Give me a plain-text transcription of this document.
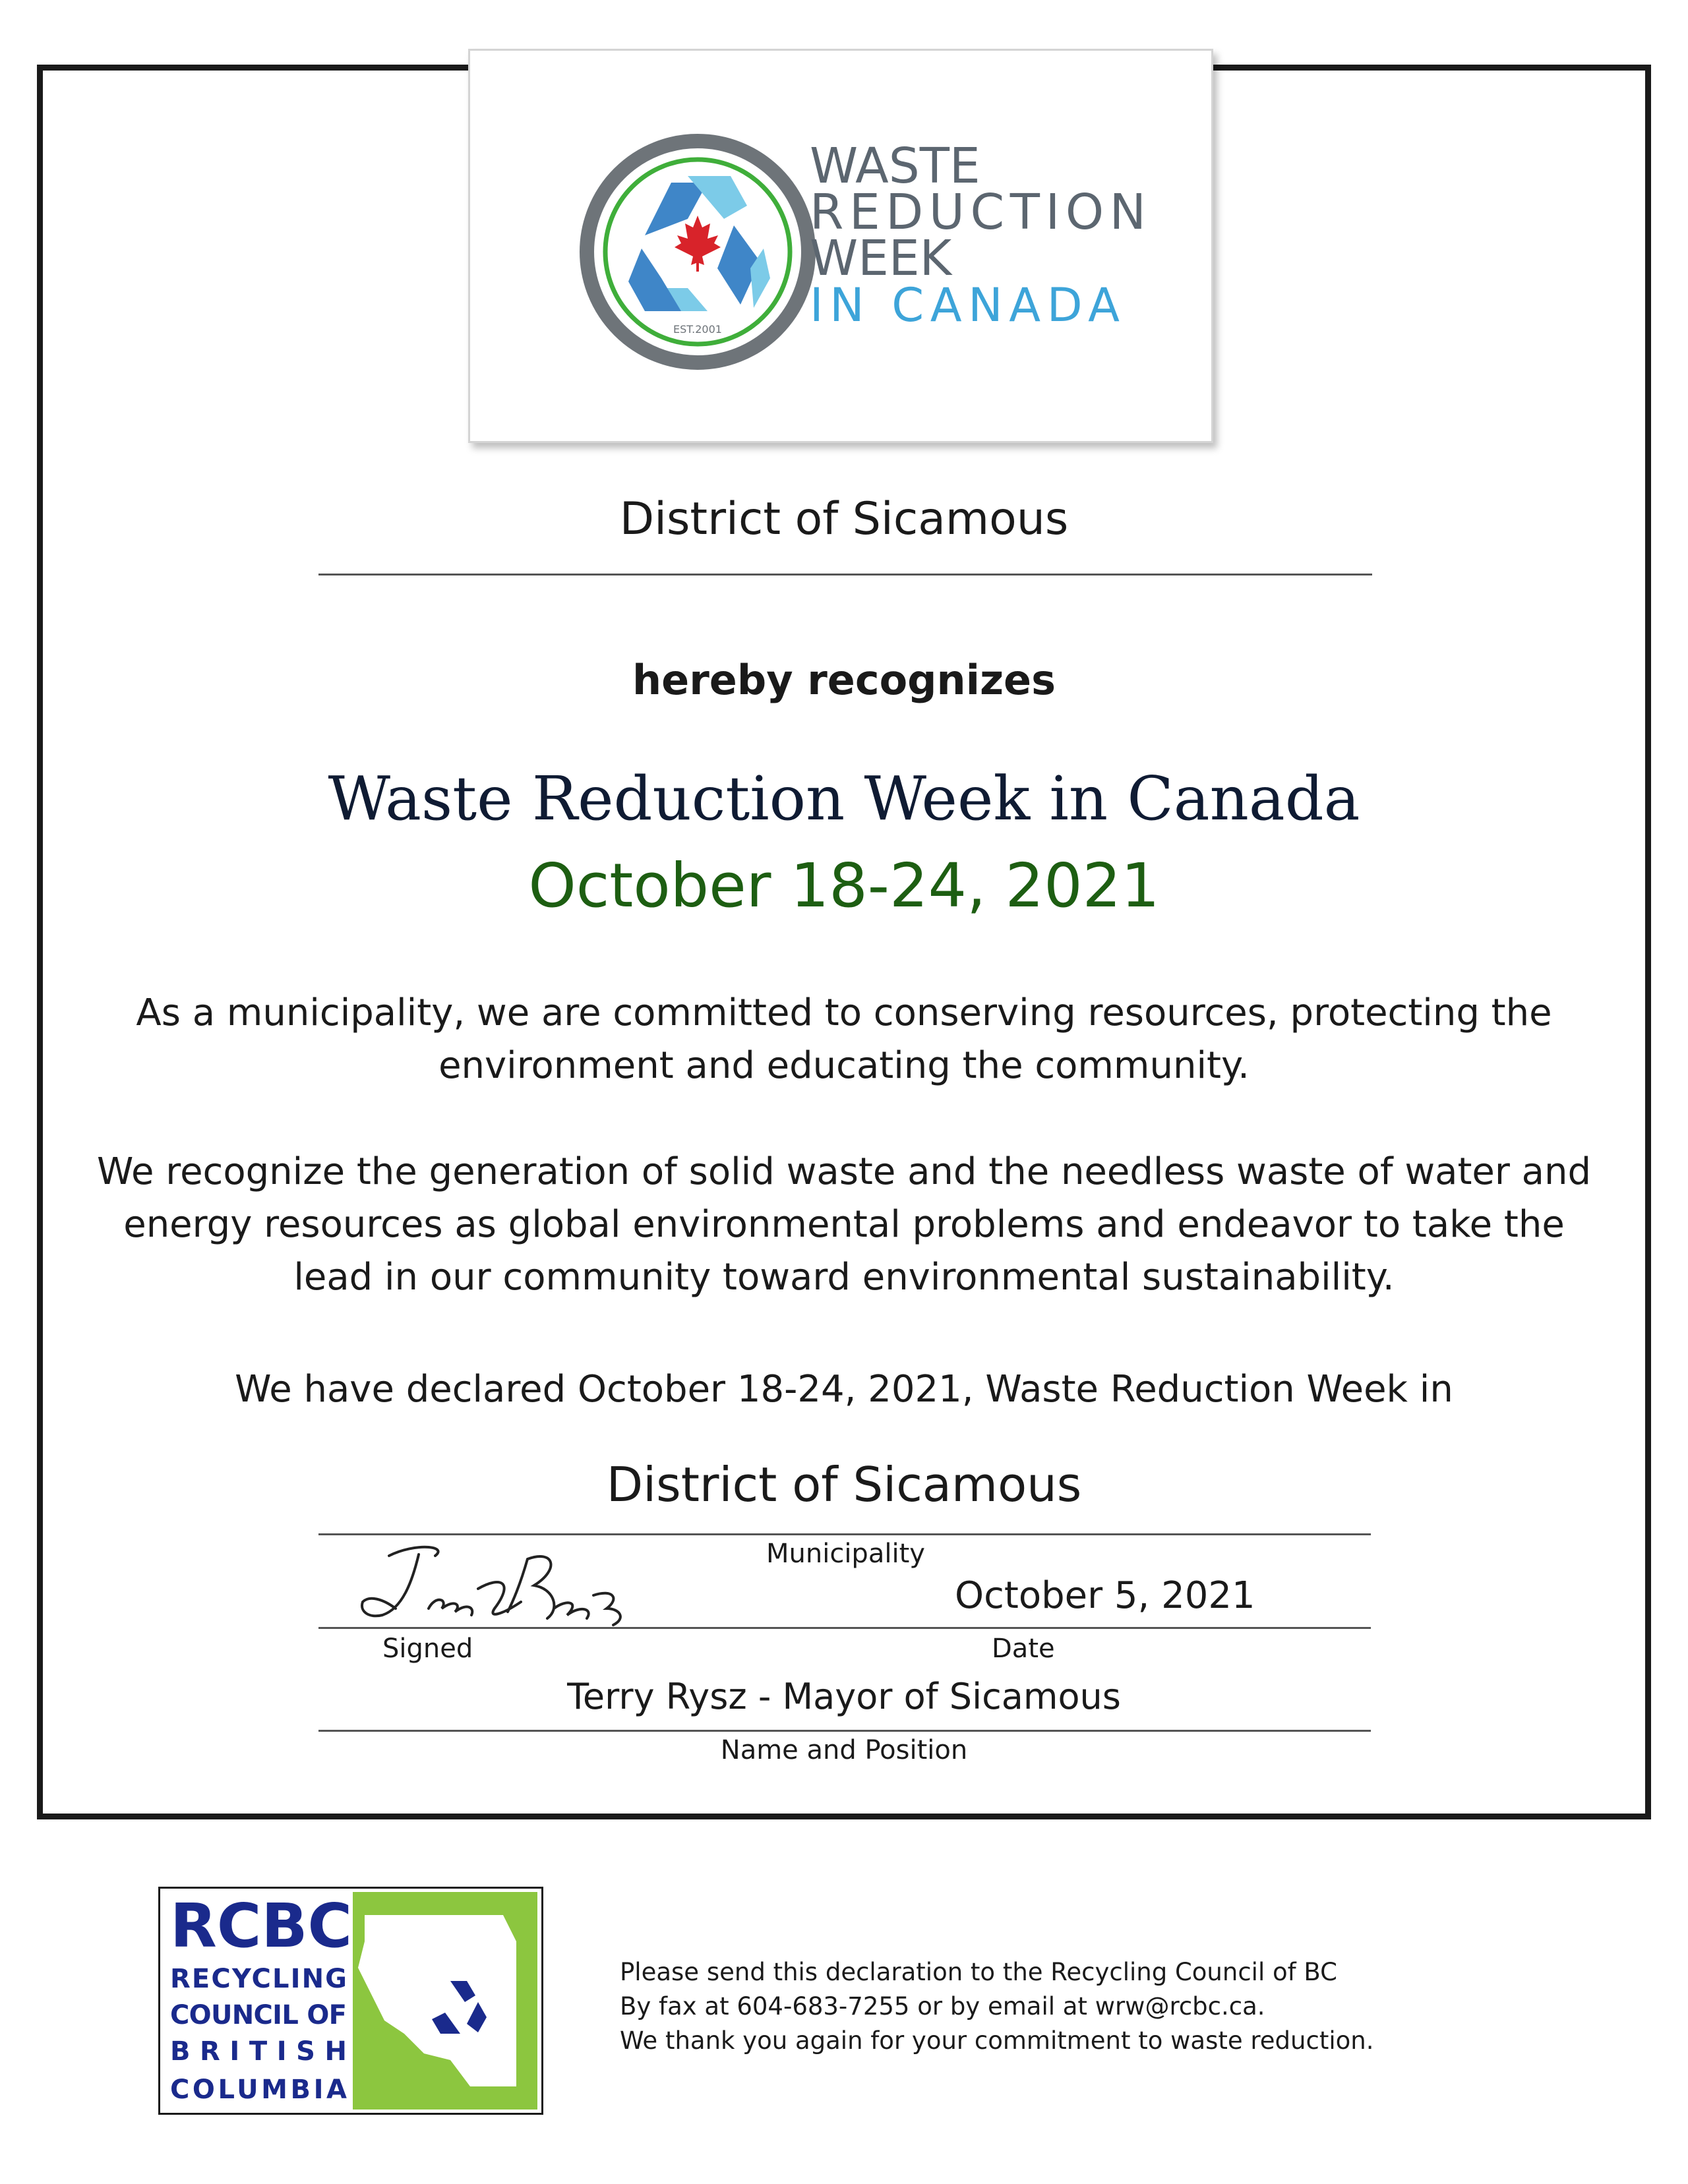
EST.2001
WASTE
REDUCTION
WEEK
IN CANADA
District of Sicamous
hereby recognizes
Waste Reduction Week in Canada
October 18-24, 2021
As a municipality, we are committed to conserving resources, protecting the
environment and educating the community.
We recognize the generation of solid waste and the needless waste of water and
energy resources as global environmental problems and endeavor to take the
lead in our community toward environmental sustainability.
We have declared October 18-24, 2021, Waste Reduction Week in
District of Sicamous
Municipality
October 5, 2021
Signed	Date
Terry Rysz - Mayor of Sicamous
Name and Position
RCBC
RECYCLING
COUNCIL OF
BRITISH
COLUMBIA
Please send this declaration to the Recycling Council of BC
By fax at 604-683-7255 or by email at wrw@rcbc.ca.
We thank you again for your commitment to waste reduction.
